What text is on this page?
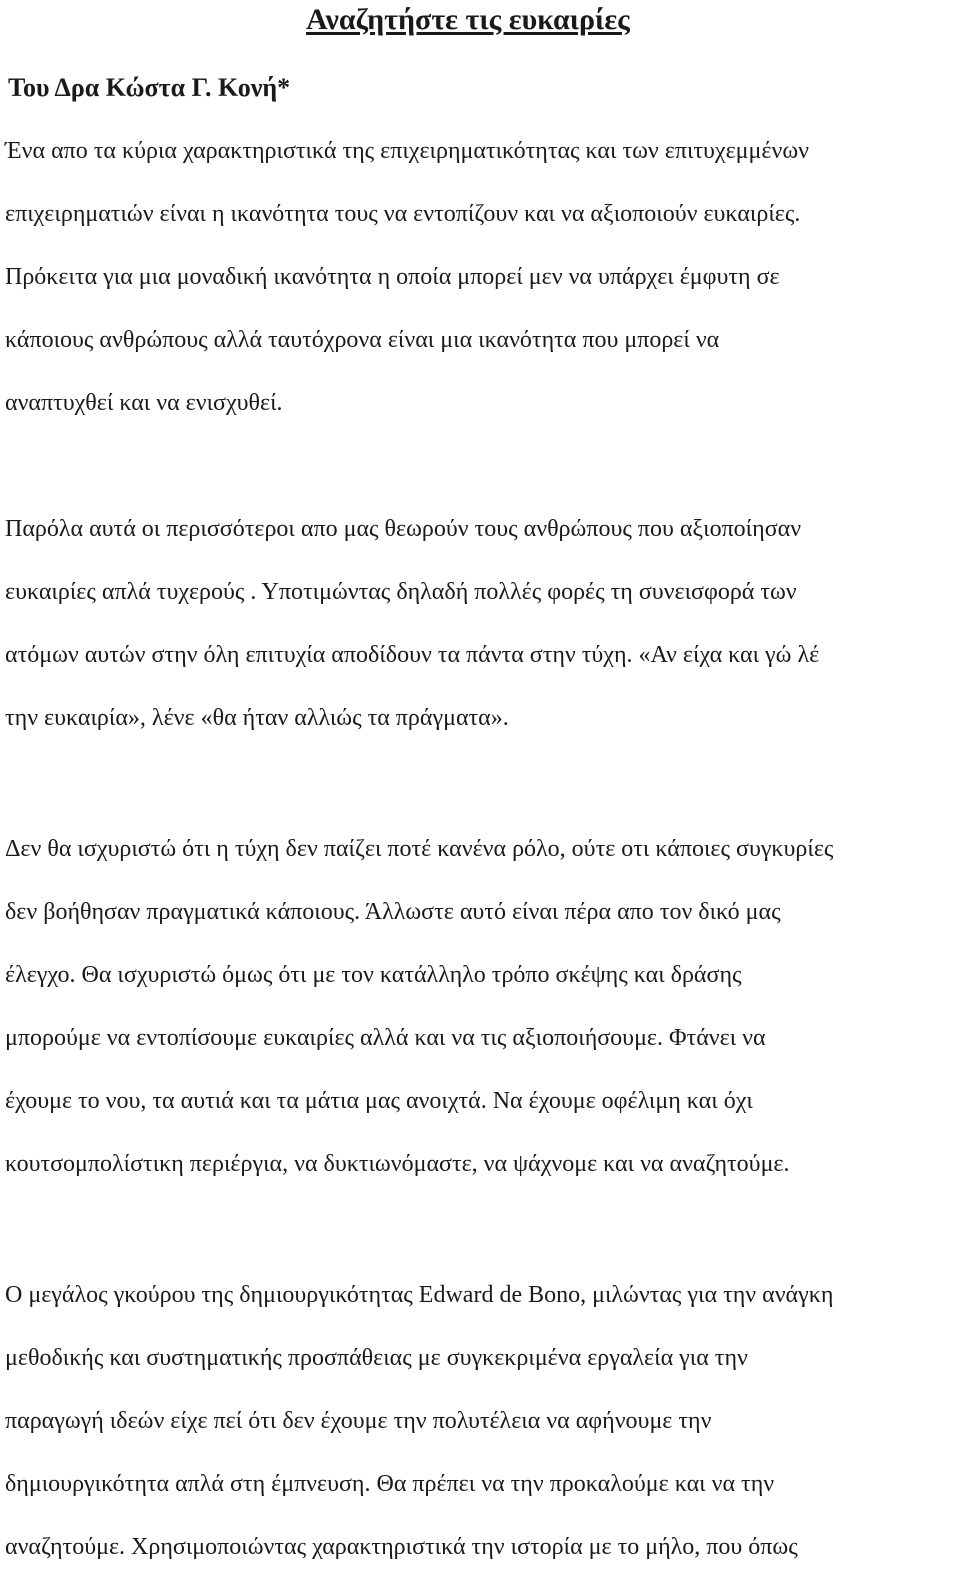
Αναζητήστε τις ευκαιρίες

Του Δρα Κώστα Γ. Κονή*

Ένα απο τα κύρια χαρακτηριστικά της επιχειρηματικότητας και των επιτυχεμμένων
επιχειρηματιών είναι η ικανότητα τους να εντοπίζουν και να αξιοποιούν ευκαιρίες.
Πρόκειτα για μια μοναδική ικανότητα η οποία μπορεί μεν να υπάρχει έμφυτη σε
κάποιους ανθρώπους αλλά ταυτόχρονα είναι μια ικανότητα που μπορεί να
αναπτυχθεί και να ενισχυθεί.

Παρόλα αυτά οι περισσότεροι απο μας θεωρούν τους ανθρώπους που αξιοποίησαν
ευκαιρίες απλά τυχερούς . Υποτιμώντας δηλαδή πολλές φορές τη συνεισφορά των
ατόμων αυτών στην όλη επιτυχία αποδίδουν τα πάντα στην τύχη. «Αν είχα και γώ λέ
την ευκαιρία», λένε «θα ήταν αλλιώς τα πράγματα».

Δεν θα ισχυριστώ ότι η τύχη δεν παίζει ποτέ κανένα ρόλο, ούτε οτι κάποιες συγκυρίες
δεν βοήθησαν πραγματικά κάποιους. Άλλωστε αυτό είναι πέρα απο τον δικό μας
έλεγχο. Θα ισχυριστώ όμως ότι με τον κατάλληλο τρόπο σκέψης και δράσης
μπορούμε να εντοπίσουμε ευκαιρίες αλλά και να τις αξιοποιήσουμε. Φτάνει να
έχουμε το νου, τα αυτιά και τα μάτια μας ανοιχτά. Να έχουμε οφέλιμη και όχι
κουτσομπολίστικη περιέργια, να δυκτιωνόμαστε, να ψάχνομε και να αναζητούμε.

Ο μεγάλος γκούρου της δημιουργικότητας Edward de Bono, μιλώντας για την ανάγκη
μεθοδικής και συστηματικής προσπάθειας με συγκεκριμένα εργαλεία για την
παραγωγή ιδεών είχε πεί ότι δεν έχουμε την πολυτέλεια να αφήνουμε την
δημιουργικότητα απλά στη έμπνευση. Θα πρέπει να την προκαλούμε και να την
αναζητούμε. Χρησιμοποιώντας χαρακτηριστικά την ιστορία με το μήλο, που όπως
